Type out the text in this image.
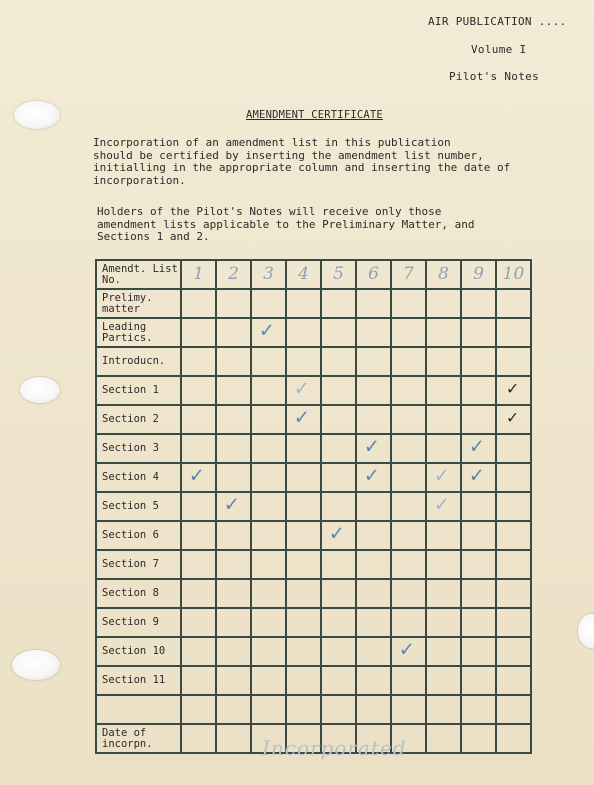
AIR PUBLICATION ....
Volume I
Pilot's Notes
AMENDMENT CERTIFICATE
Incorporation of an amendment list in this publication
should be certified by inserting the amendment list number,
initialling in the appropriate column and inserting the date of
incorporation.
Holders of the Pilot's Notes will receive only those
amendment lists applicable to the Preliminary Matter, and
Sections 1 and 2.
Amendt. List No.	1	2	3	4	5	6	7	8	9	10
Prelimy. matter										
Leading Partics.			✓							

Introducn.										
Section 1				✓						✓

Section 2				✓						✓

Section 3						✓			✓	

Section 4	✓					✓		✓	✓	

Section 5		✓						✓		

Section 6					✓					

Section 7										
Section 8										
Section 9										
Section 10							✓			

Section 11										

Date of incorpn.											Incorporated
